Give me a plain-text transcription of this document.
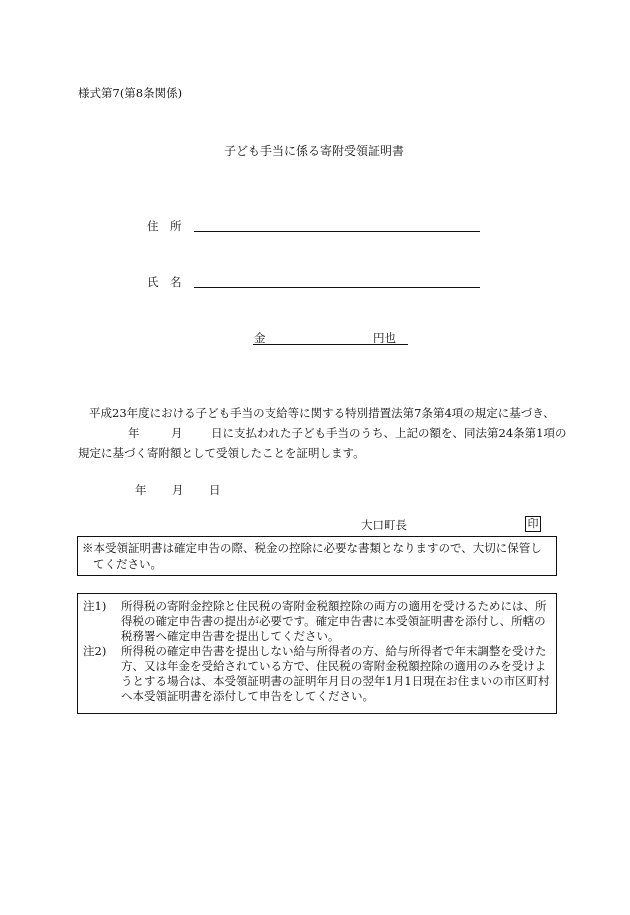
様式第7(第8条関係)
子ども手当に係る寄附受領証明書
住　所
氏　名
金	円也
平成23年度における子ども手当の支給等に関する特別措置法第7条第4項の規定に基づき、
年	月 日に支払われた子ども手当のうち、上記の額を、同法第24条第1項の
規定に基づく寄附額として受領したことを証明します。
年 月 日
大口町長	印
※本受領証明書は確定申告の際、税金の控除に必要な書類となりますので、大切に保管し
てください。
注1)	所得税の寄附金控除と住民税の寄附金税額控除の両方の適用を受けるためには、所
得税の確定申告書の提出が必要です。確定申告書に本受領証明書を添付し、所轄の
税務署へ確定申告書を提出してください。
注2)	所得税の確定申告書を提出しない給与所得者の方、給与所得者で年末調整を受けた
方、又は年金を受給されている方で、住民税の寄附金税額控除の適用のみを受けよ
うとする場合は、本受領証明書の証明年月日の翌年1月1日現在お住まいの市区町村
へ本受領証明書を添付して申告をしてください。
